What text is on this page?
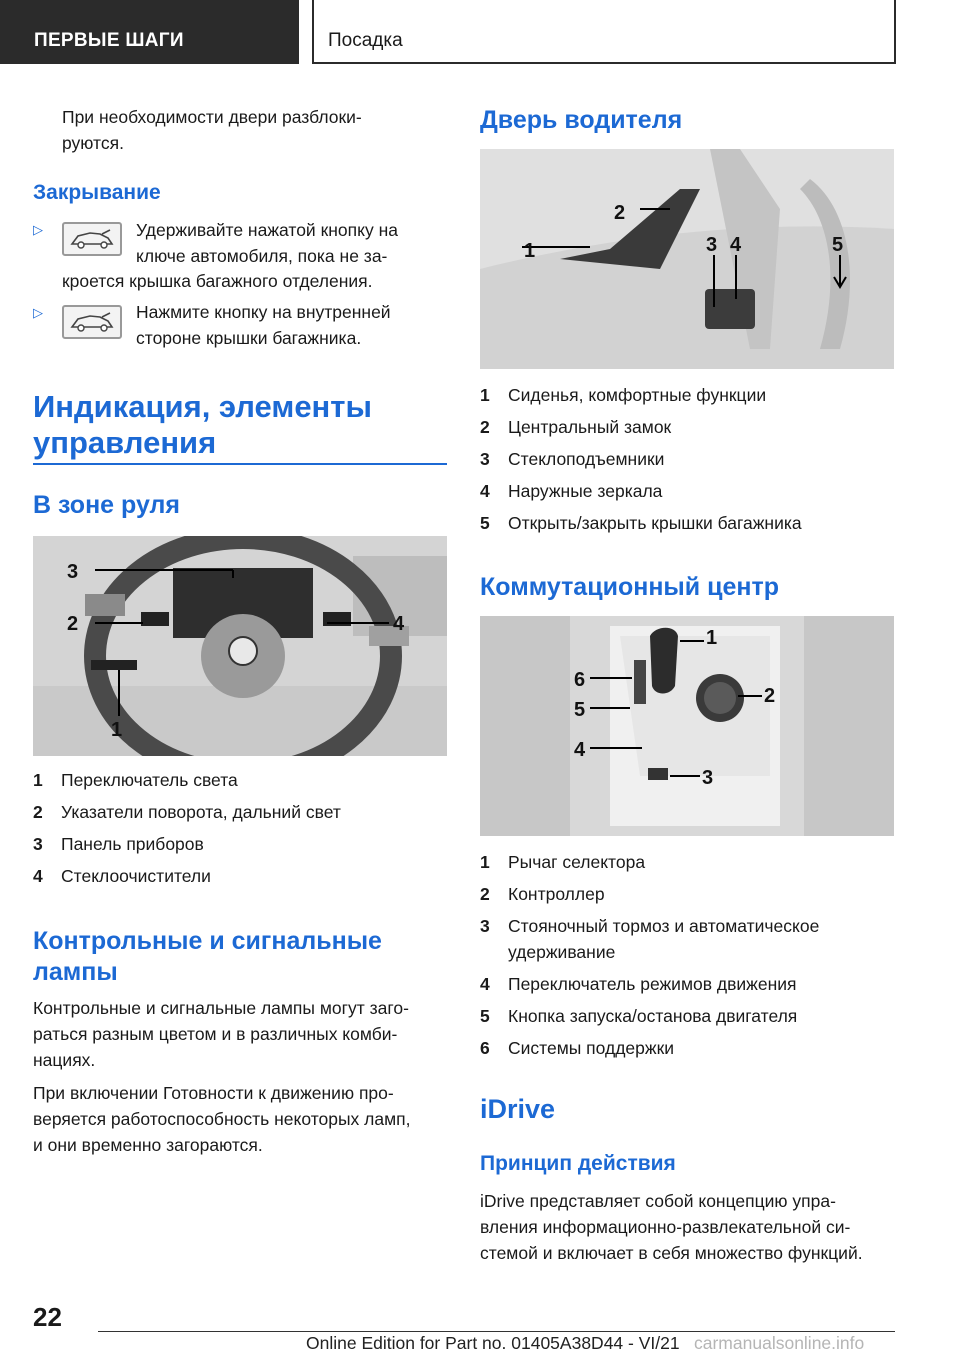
ПЕРВЫЕ ШАГИ	Посадка
При необходимости двери разблоки-
руются.
Закрывание
▷	Удерживайте нажатой кнопку на
ключе автомобиля, пока не за-
кроется крышка багажного отделения.
▷	Нажмите кнопку на внутренней
стороне крышки багажника.
Индикация, элементы
управления
В зоне руля
3
2	4
1
1 Переключатель света
2 Указатели поворота, дальний свет
3 Панель приборов
4 Стеклоочистители
Контрольные и сигнальные
лампы
Контрольные и сигнальные лампы могут заго-
раться разным цветом и в различных комби-
нациях.
При включении Готовности к движению про-
веряется работоспособность некоторых ламп,
и они временно загораются.
Дверь водителя
1
2
3 4	5
1 Сиденья, комфортные функции
2 Центральный замок
3 Стеклоподъемники
4 Наружные зеркала
5 Открыть/закрыть крышки багажника
Коммутационный центр
1
2
3
4
5
6
1 Рычаг селектора
2 Контроллер
3 Стояночный тормоз и автоматическое
удерживание
4 Переключатель режимов движения
5 Кнопка запуска/останова двигателя
6 Системы поддержки
iDrive
Принцип действия
iDrive представляет собой концепцию упра-
вления информационно-развлекательной си-
стемой и включает в себя множество функций.
22
Online Edition for Part no. 01405A38D44 - VI/21 carmanualsonline.info
